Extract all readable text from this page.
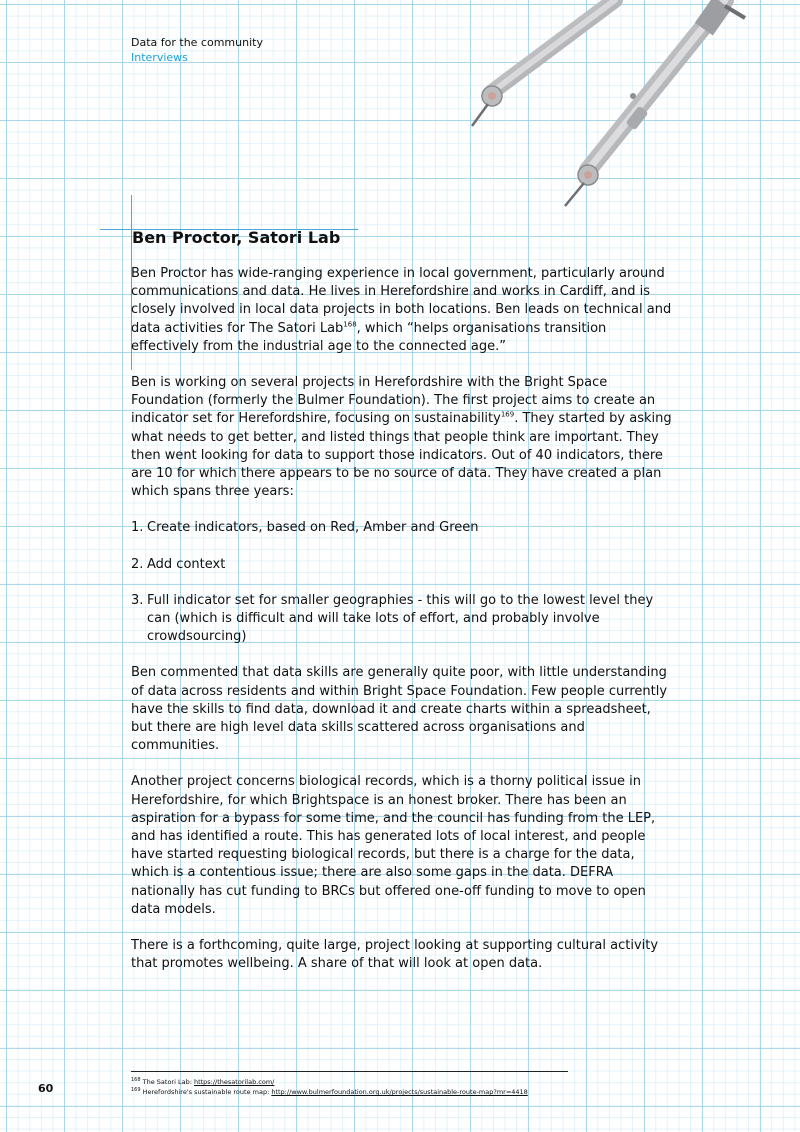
Data for the community
Interviews
Ben Proctor, Satori Lab

Ben Proctor has wide-ranging experience in local government, particularly around communications and data. He lives in Herefordshire and works in Cardiff, and is closely involved in local data projects in both locations. Ben leads on technical and data activities for The Satori Lab$^{168}$, which “helps organisations transition effectively from the industrial age to the connected age.”

Ben is working on several projects in Herefordshire with the Bright Space Foundation (formerly the Bulmer Foundation). The first project aims to create an indicator set for Herefordshire, focusing on sustainability$^{169}$. They started by asking what needs to get better, and listed things that people think are important. They then went looking for data to support those indicators. Out of 40 indicators, there are 10 for which there appears to be no source of data. They have created a plan which spans three years:

1. Create indicators, based on Red, Amber and Green
2. Add context
3. Full indicator set for smaller geographies - this will go to the lowest level they can (which is difficult and will take lots of effort, and probably involve crowdsourcing)

Ben commented that data skills are generally quite poor, with little understanding of data across residents and within Bright Space Foundation. Few people currently have the skills to find data, download it and create charts within a spreadsheet, but there are high level data skills scattered across organisations and communities.

Another project concerns biological records, which is a thorny political issue in Herefordshire, for which Brightspace is an honest broker. There has been an aspiration for a bypass for some time, and the council has funding from the LEP, and has identified a route. This has generated lots of local interest, and people have started requesting biological records, but there is a charge for the data, which is a contentious issue; there are also some gaps in the data. DEFRA nationally has cut funding to BRCs but offered one-off funding to move to open data models.

There is a forthcoming, quite large, project looking at supporting cultural activity that promotes wellbeing. A share of that will look at open data.

60
$^{168}$ The Satori Lab: https://thesatorilab.com/
$^{169}$ Herefordshire's sustainable route map: http://www.bulmerfoundation.org.uk/projects/sustainable-route-map?mr=4418
